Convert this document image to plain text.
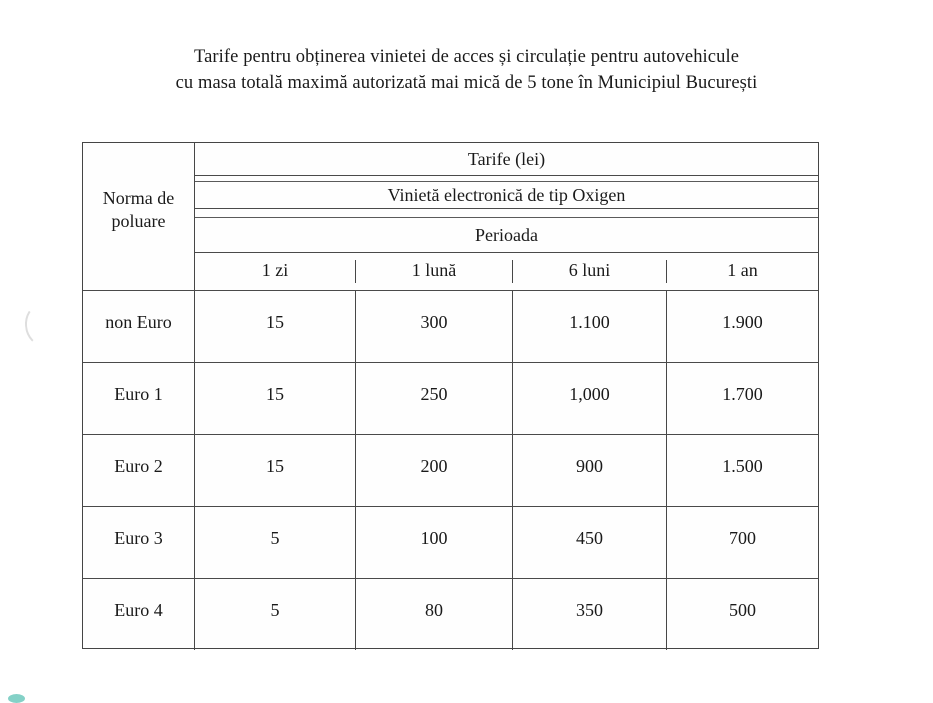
Tarife pentru obținerea vinietei de acces și circulație pentru autovehicule
cu masa totală maximă autorizată mai mică de 5 tone în Municipiul București
Norma de poluare
Tarife (lei)
Vinietă electronică de tip Oxigen
Perioada
1 zi	1 lună	6 luni	1 an
non Euro	15	300	1.100	1.900
Euro 1	15	250	1,000	1.700
Euro 2	15	200	900	1.500
Euro 3	5	100	450	700
Euro 4	5	80	350	500
